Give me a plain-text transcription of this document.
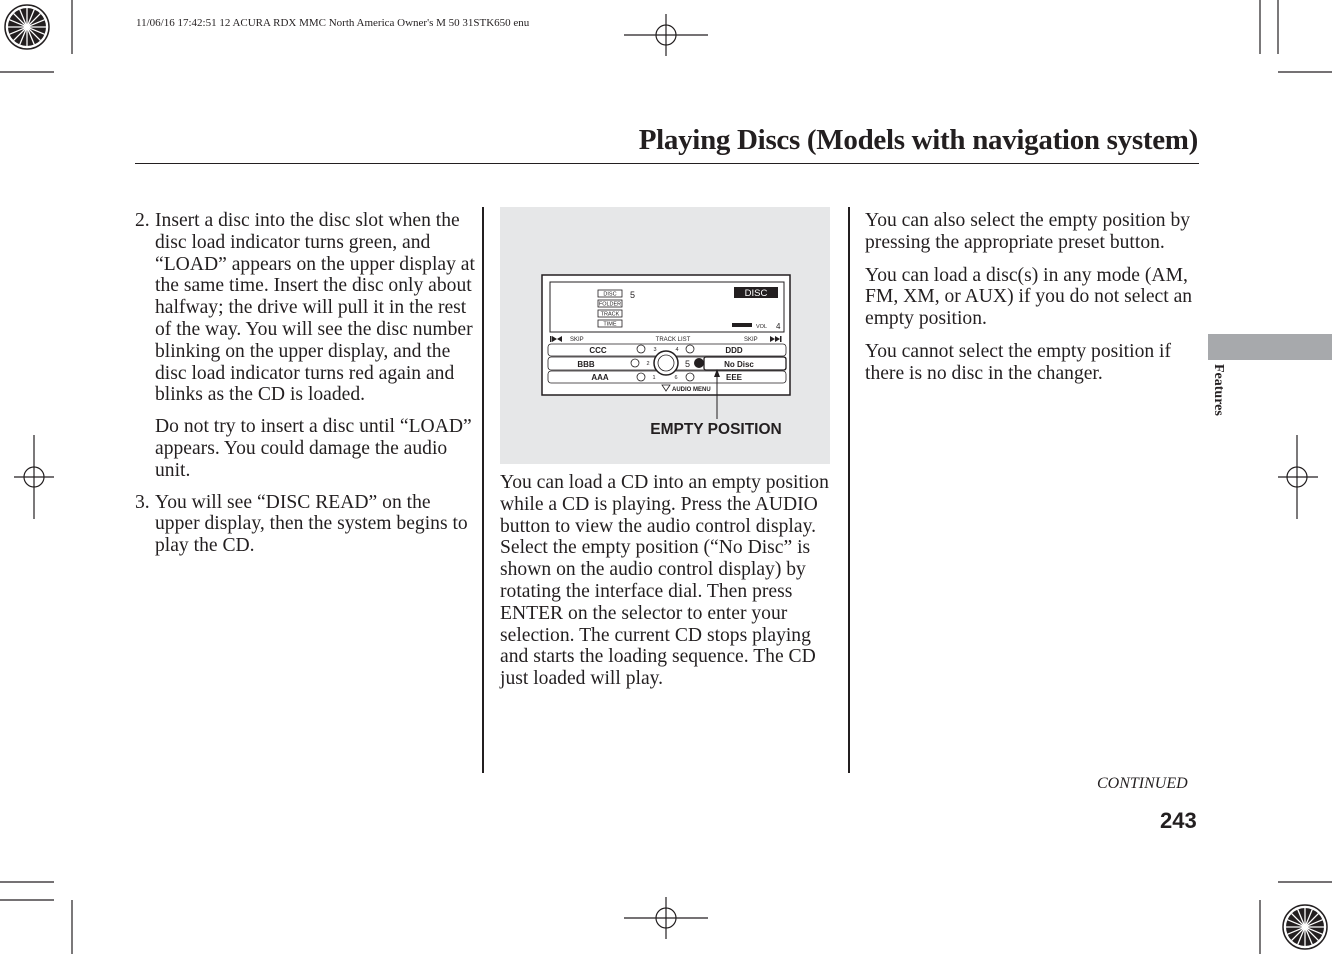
11/06/16 17:42:51 12 ACURA RDX MMC North America Owner's M 50 31STK650 enu
Playing Discs (Models with navigation system)
2. Insert a disc into the disc slot when the disc load indicator turns green, and “LOAD” appears on the upper display at the same time. Insert the disc only about halfway; the drive will pull it in the rest of the way. You will see the disc number blinking on the upper display, and the disc load indicator turns red again and blinks as the CD is loaded.

Do not try to insert a disc until “LOAD” appears. You could damage the audio unit.

3. You will see “DISC READ” on the upper display, then the system begins to play the CD.

DISC
FOLDER
TRACK
TIME
5	DISC
VOL 4
SKIP	SKIP
TRACK LIST
CCC	DDD
BBB	No Disc
AAA	EEE
3	4
2
1	6
5
AUDIO MENU
EMPTY POSITION

You can load a CD into an empty position while a CD is playing. Press the AUDIO button to view the audio control display. Select the empty position (“No Disc” is shown on the audio control display) by rotating the interface dial. Then press ENTER on the selector to enter your selection. The current CD stops playing and starts the loading sequence. The CD just loaded will play.

You can also select the empty position by pressing the appropriate preset button.

You can load a disc(s) in any mode (AM, FM, XM, or AUX) if you do not select an empty position.

You cannot select the empty position if there is no disc in the changer.	Features
CONTINUED
243
